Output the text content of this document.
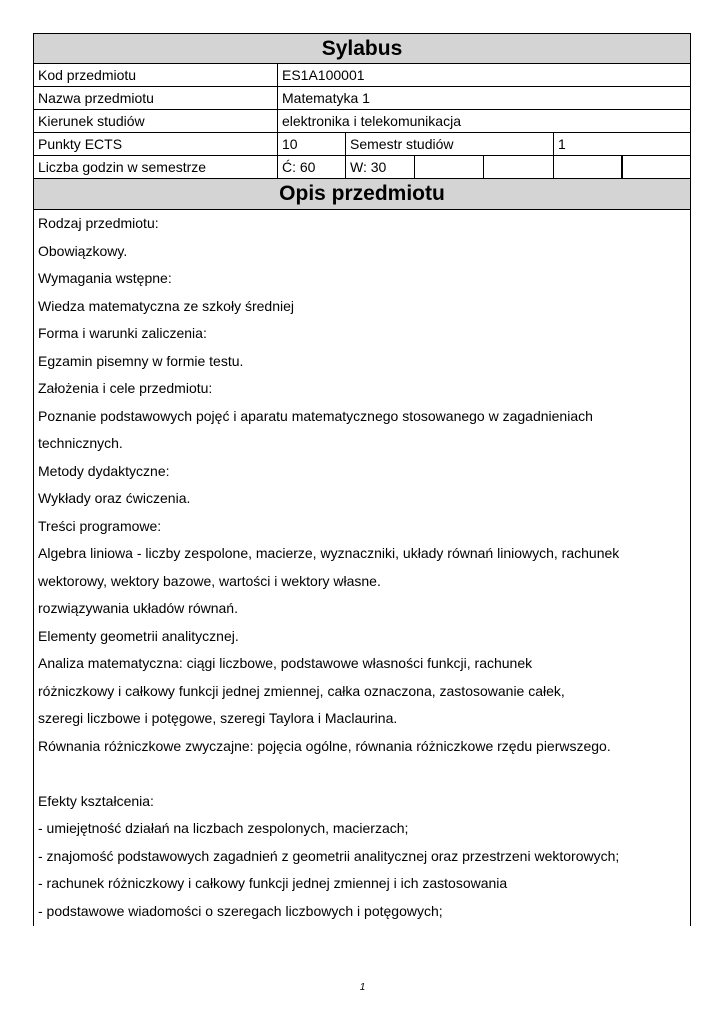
Sylabus
Kod przedmiotu	ES1A100001
Nazwa przedmiotu	Matematyka 1
Kierunek studiów	elektronika i telekomunikacja
Punkty ECTS	10	Semestr studiów	1
Liczba godzin w semestrze	Ć: 60	W: 30
Opis przedmiotu
Rodzaj przedmiotu:
Obowiązkowy.
Wymagania wstępne:
Wiedza matematyczna ze szkoły średniej
Forma i warunki zaliczenia:
Egzamin pisemny w formie testu.
Założenia i cele przedmiotu:
Poznanie podstawowych pojęć i aparatu matematycznego stosowanego w zagadnieniach
technicznych.
Metody dydaktyczne:
Wykłady oraz ćwiczenia.
Treści programowe:
Algebra liniowa - liczby zespolone, macierze, wyznaczniki, układy równań liniowych, rachunek
wektorowy, wektory bazowe, wartości i wektory własne.
rozwiązywania układów równań.
Elementy geometrii analitycznej.
Analiza matematyczna: ciągi liczbowe, podstawowe własności funkcji, rachunek
różniczkowy i całkowy funkcji jednej zmiennej, całka oznaczona, zastosowanie całek,
szeregi liczbowe i potęgowe, szeregi Taylora i Maclaurina.
Równania różniczkowe zwyczajne: pojęcia ogólne, równania różniczkowe rzędu pierwszego.
Efekty kształcenia:
- umiejętność działań na liczbach zespolonych, macierzach;
- znajomość podstawowych zagadnień z geometrii analitycznej oraz przestrzeni wektorowych;
- rachunek różniczkowy i całkowy funkcji jednej zmiennej i ich zastosowania
- podstawowe wiadomości o szeregach liczbowych i potęgowych;
1
